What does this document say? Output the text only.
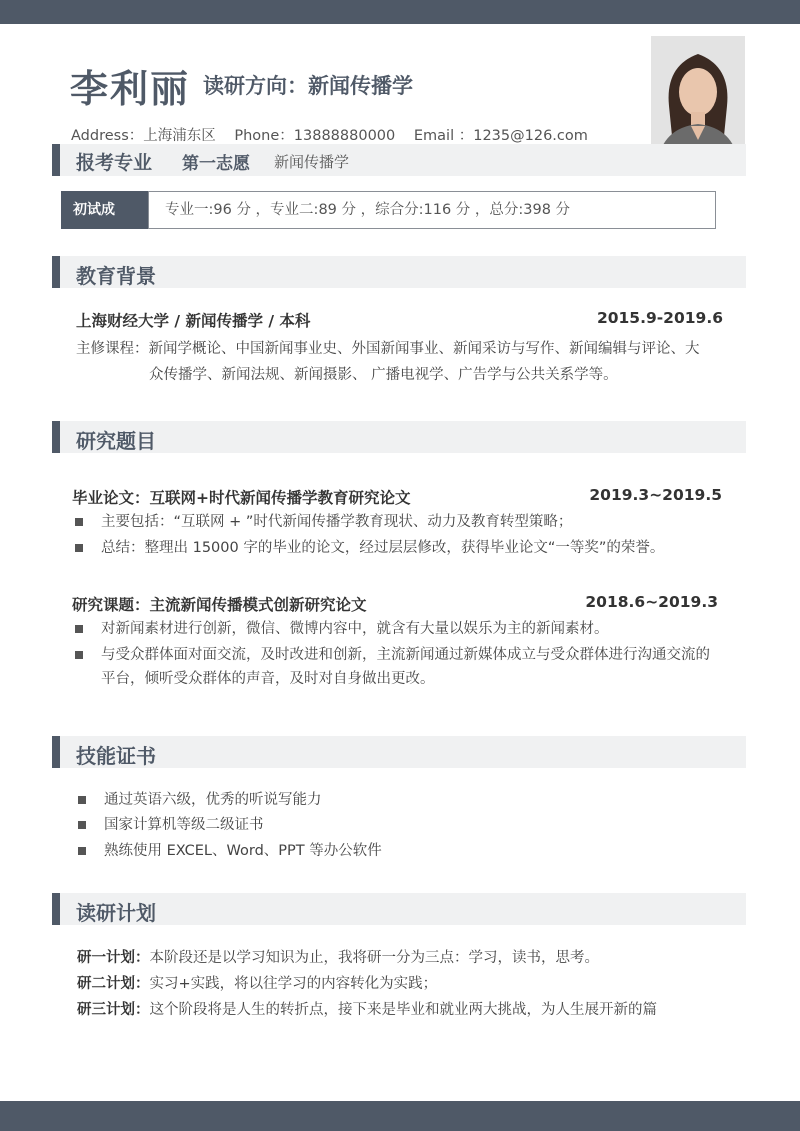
李利丽 读研方向：新闻传播学
Address：上海浦东区 Phone：13888880000 Email ：1235@126.com
报考专业 第一志愿 新闻传播学
初试成	专业一:96 分 ，专业二:89 分 ，综合分:116 分 ，总分:398 分
教育背景
上海财经大学 / 新闻传播学 / 本科	2015.9-2019.6
主修课程：新闻学概论、中国新闻事业史、外国新闻事业、新闻采访与写作、新闻编辑与评论、大
众传播学、新闻法规、新闻摄影、 广播电视学、广告学与公共关系学等。
研究题目
毕业论文：互联网+时代新闻传播学教育研究论文	2019.3~2019.5
主要包括：“互联网 + ”时代新闻传播学教育现状、动力及教育转型策略；
总结：整理出 15000 字的毕业的论文，经过层层修改，获得毕业论文“一等奖”的荣誉。
研究课题：主流新闻传播模式创新研究论文	2018.6~2019.3
对新闻素材进行创新，微信、微博内容中，就含有大量以娱乐为主的新闻素材。
与受众群体面对面交流，及时改进和创新，主流新闻通过新媒体成立与受众群体进行沟通交流的
平台，倾听受众群体的声音，及时对自身做出更改。
技能证书
通过英语六级，优秀的听说写能力
国家计算机等级二级证书
熟练使用 EXCEL、Word、PPT 等办公软件
读研计划
研一计划：本阶段还是以学习知识为止，我将研一分为三点：学习，读书，思考。
研二计划：实习+实践，将以往学习的内容转化为实践；
研三计划：这个阶段将是人生的转折点，接下来是毕业和就业两大挑战，为人生展开新的篇
